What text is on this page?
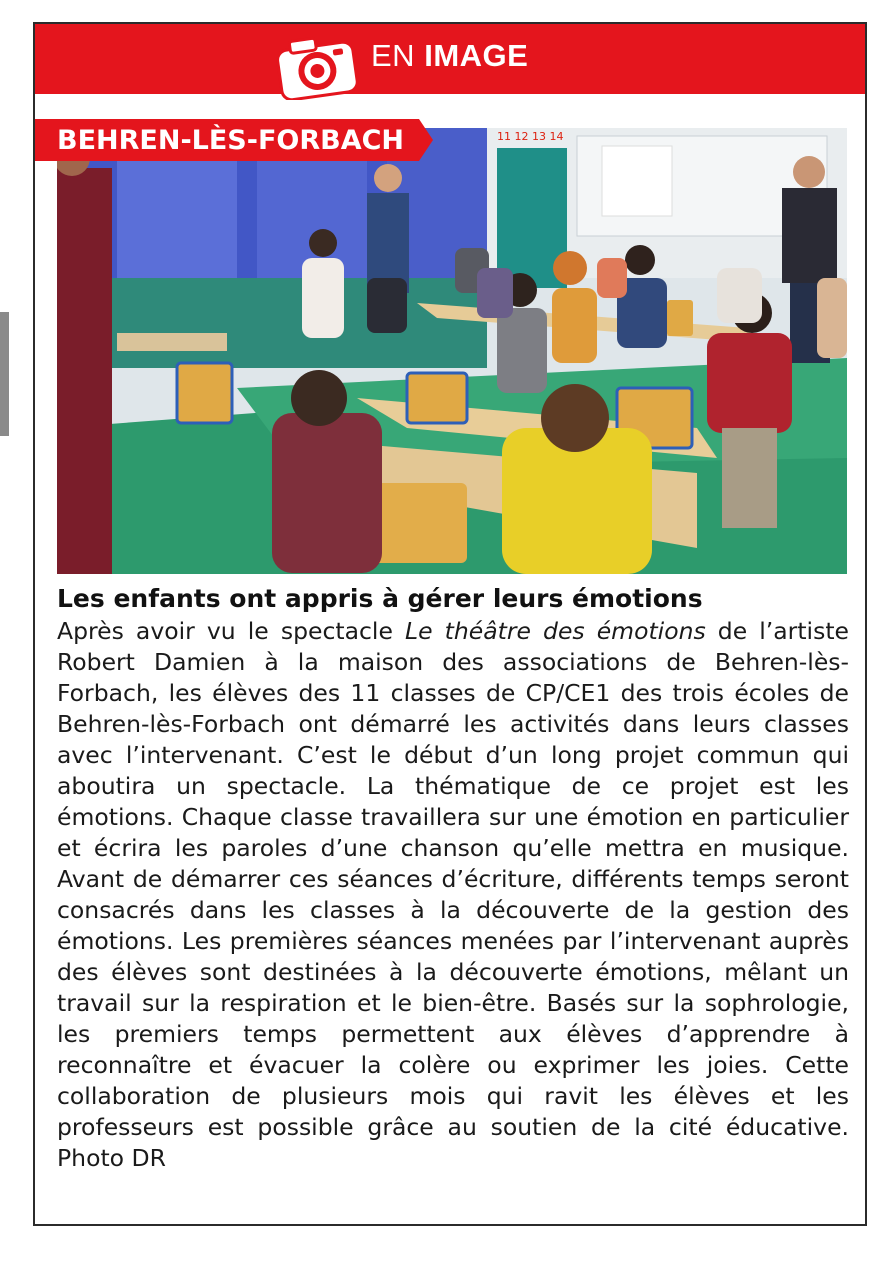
EN IMAGE
11 12 13 14
BEHREN-LÈS-FORBACH
Les enfants ont appris à gérer leurs émotions

Après avoir vu le spectacle Le théâtre des émotions de l’artiste Robert Damien à la maison des associations de Behren-lès-Forbach, les élèves des 11 classes de CP/CE1 des trois écoles de Behren-lès-Forbach ont démarré les activités dans leurs classes avec l’intervenant. C’est le début d’un long projet commun qui aboutira un spectacle. La thématique de ce projet est les émotions. Chaque classe travaillera sur une émotion en particulier et écrira les paroles d’une chanson qu’elle mettra en musique. Avant de démarrer ces séances d’écriture, différents temps seront consacrés dans les classes à la découverte de la gestion des émotions. Les premières séances menées par l’intervenant auprès des élèves sont destinées à la découverte émotions, mêlant un travail sur la respiration et le bien-être. Basés sur la sophrologie, les premiers temps permettent aux élèves d’apprendre à reconnaître et évacuer la colère ou exprimer les joies. Cette collaboration de plusieurs mois qui ravit les élèves et les professeurs est possible grâce au soutien de la cité éducative. Photo DR
